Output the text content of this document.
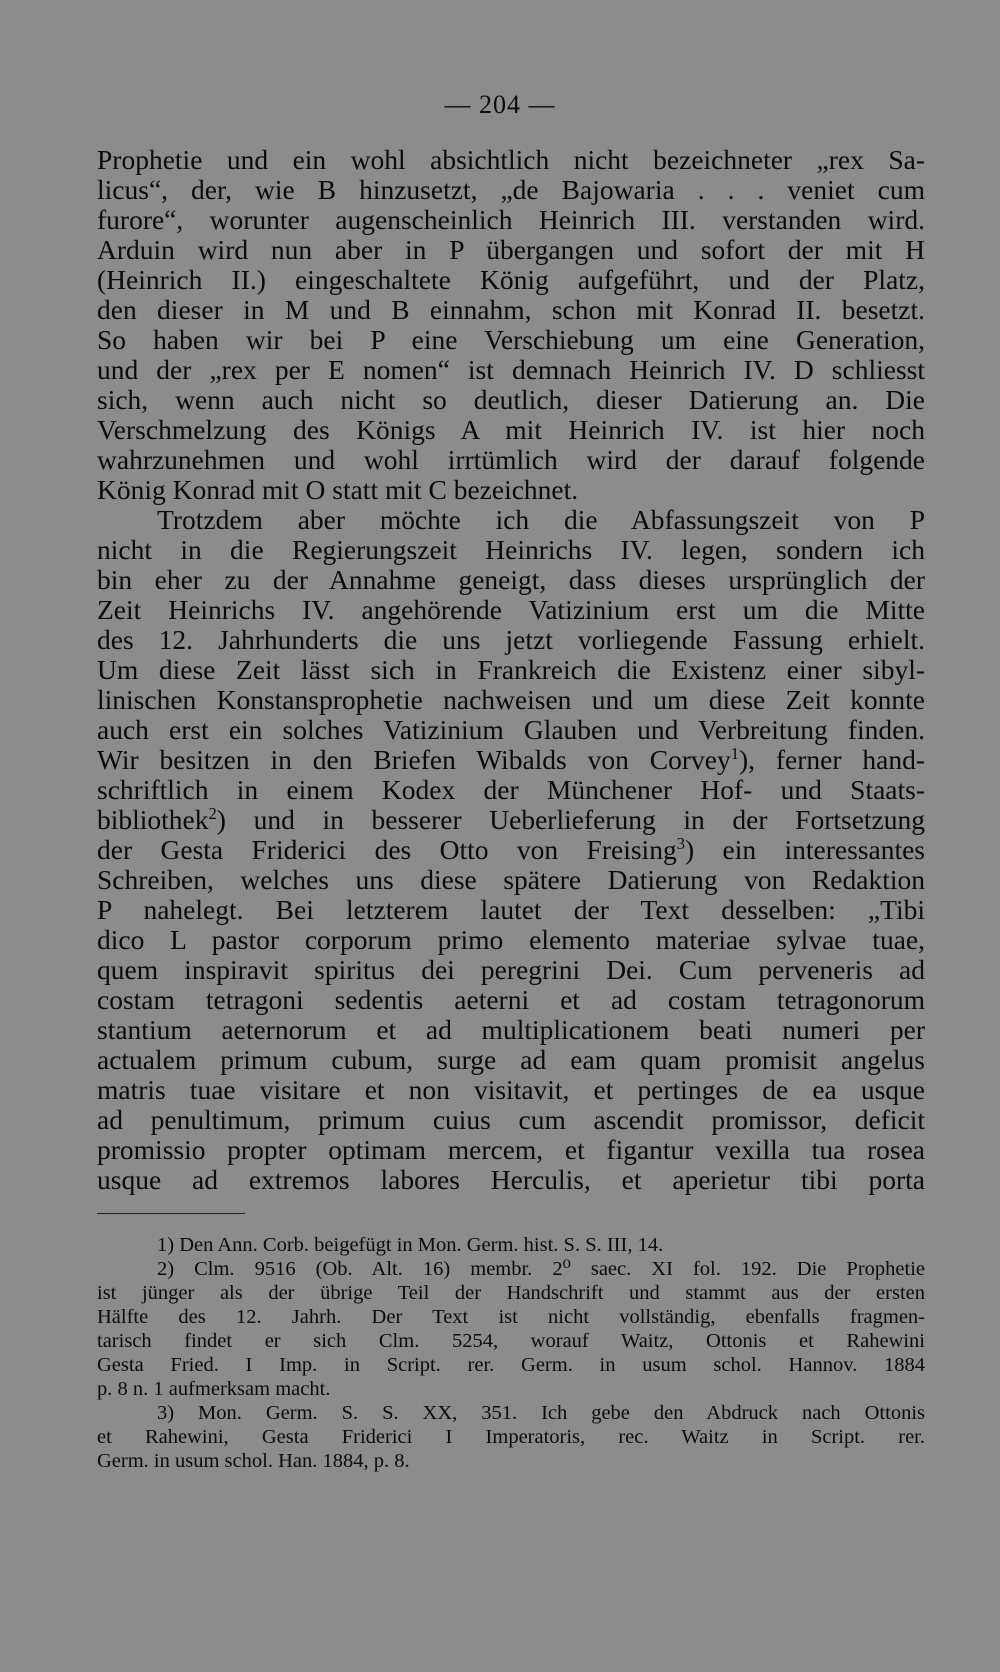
— 204 —
Prophetie und ein wohl absichtlich nicht bezeichneter „rex Sa-
licus“, der, wie B hinzusetzt, „de Bajowaria . . . veniet cum
furore“, worunter augenscheinlich Heinrich III. verstanden wird.
Arduin wird nun aber in P übergangen und sofort der mit H
(Heinrich II.) eingeschaltete König aufgeführt, und der Platz,
den dieser in M und B einnahm, schon mit Konrad II. besetzt.
So haben wir bei P eine Verschiebung um eine Generation,
und der „rex per E nomen“ ist demnach Heinrich IV. D schliesst
sich, wenn auch nicht so deutlich, dieser Datierung an. Die
Verschmelzung des Königs A mit Heinrich IV. ist hier noch
wahrzunehmen und wohl irrtümlich wird der darauf folgende
König Konrad mit O statt mit C bezeichnet.
Trotzdem aber möchte ich die Abfassungszeit von P
nicht in die Regierungszeit Heinrichs IV. legen, sondern ich
bin eher zu der Annahme geneigt, dass dieses ursprünglich der
Zeit Heinrichs IV. angehörende Vatizinium erst um die Mitte
des 12. Jahrhunderts die uns jetzt vorliegende Fassung erhielt.
Um diese Zeit lässt sich in Frankreich die Existenz einer sibyl-
linischen Konstansprophetie nachweisen und um diese Zeit konnte
auch erst ein solches Vatizinium Glauben und Verbreitung finden.
Wir besitzen in den Briefen Wibalds von Corvey$^1$), ferner hand-
schriftlich in einem Kodex der Münchener Hof- und Staats-
bibliothek$^2$) und in besserer Ueberlieferung in der Fortsetzung
der Gesta Friderici des Otto von Freising$^3$) ein interessantes
Schreiben, welches uns diese spätere Datierung von Redaktion
P nahelegt. Bei letzterem lautet der Text desselben: „Tibi
dico L pastor corporum primo elemento materiae sylvae tuae,
quem inspiravit spiritus dei peregrini Dei. Cum perveneris ad
costam tetragoni sedentis aeterni et ad costam tetragonorum
stantium aeternorum et ad multiplicationem beati numeri per
actualem primum cubum, surge ad eam quam promisit angelus
matris tuae visitare et non visitavit, et pertinges de ea usque
ad penultimum, primum cuius cum ascendit promissor, deficit
promissio propter optimam mercem, et figantur vexilla tua rosea
usque ad extremos labores Herculis, et aperietur tibi porta
1) Den Ann. Corb. beigefügt in Mon. Germ. hist. S. S. III, 14.
2) Clm. 9516 (Ob. Alt. 16) membr. 2⁰ saec. XI fol. 192. Die Prophetie
ist jünger als der übrige Teil der Handschrift und stammt aus der ersten
Hälfte des 12. Jahrh. Der Text ist nicht vollständig, ebenfalls fragmen-
tarisch findet er sich Clm. 5254, worauf Waitz, Ottonis et Rahewini
Gesta Fried. I Imp. in Script. rer. Germ. in usum schol. Hannov. 1884
p. 8 n. 1 aufmerksam macht.
3) Mon. Germ. S. S. XX, 351. Ich gebe den Abdruck nach Ottonis
et Rahewini, Gesta Friderici I Imperatoris, rec. Waitz in Script. rer.
Germ. in usum schol. Han. 1884, p. 8.
